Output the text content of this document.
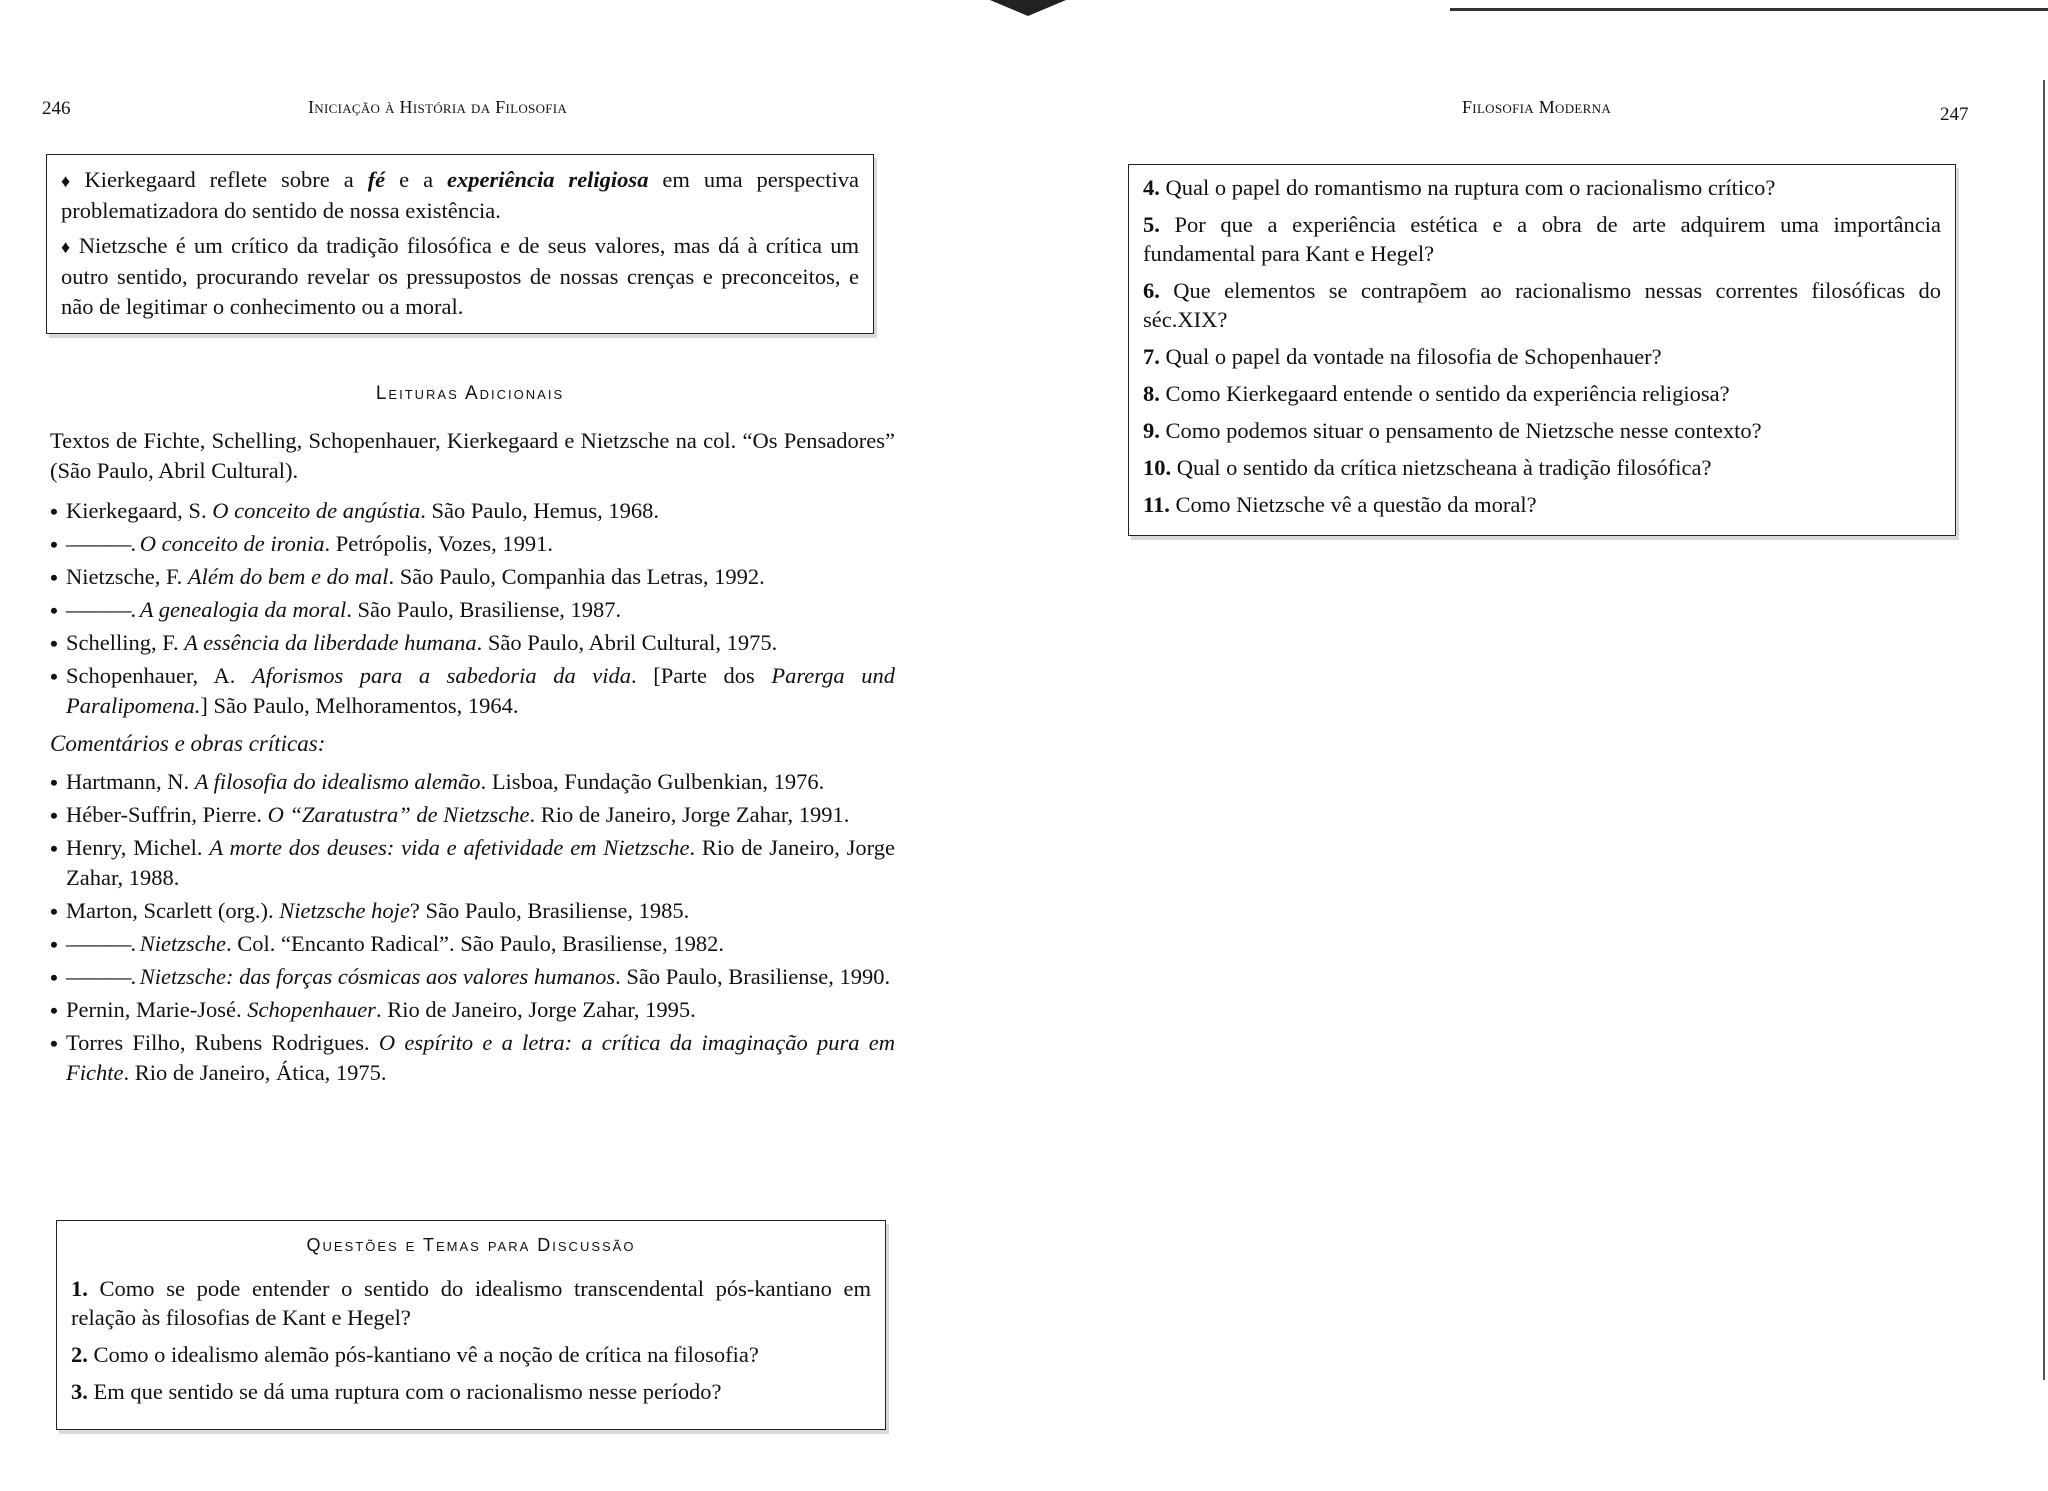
246	Iniciação à História da Filosofia

♦ Kierkegaard reflete sobre a fé e a experiência religiosa em uma perspectiva problematizadora do sentido de nossa existência.

♦ Nietzsche é um crítico da tradição filosófica e de seus valores, mas dá à crítica um outro sentido, procurando revelar os pressupostos de nossas crenças e preconceitos, e não de legitimar o conhecimento ou a moral.

Leituras Adicionais

Textos de Fichte, Schelling, Schopenhauer, Kierkegaard e Nietzsche na col. “Os Pensadores” (São Paulo, Abril Cultural).

• Kierkegaard, S. O conceito de angústia. São Paulo, Hemus, 1968.
• ———. O conceito de ironia. Petrópolis, Vozes, 1991.
• Nietzsche, F. Além do bem e do mal. São Paulo, Companhia das Letras, 1992.
• ———. A genealogia da moral. São Paulo, Brasiliense, 1987.
• Schelling, F. A essência da liberdade humana. São Paulo, Abril Cultural, 1975.
• Schopenhauer, A. Aforismos para a sabedoria da vida. [Parte dos Parerga und Paralipomena.] São Paulo, Melhoramentos, 1964.
Comentários e obras críticas:
• Hartmann, N. A filosofia do idealismo alemão. Lisboa, Fundação Gulbenkian, 1976.
• Héber-Suffrin, Pierre. O “Zaratustra” de Nietzsche. Rio de Janeiro, Jorge Zahar, 1991.
• Henry, Michel. A morte dos deuses: vida e afetividade em Nietzsche. Rio de Janeiro, Jorge Zahar, 1988.
• Marton, Scarlett (org.). Nietzsche hoje? São Paulo, Brasiliense, 1985.
• ———. Nietzsche. Col. “Encanto Radical”. São Paulo, Brasiliense, 1982.
• ———. Nietzsche: das forças cósmicas aos valores humanos. São Paulo, Brasiliense, 1990.
• Pernin, Marie-José. Schopenhauer. Rio de Janeiro, Jorge Zahar, 1995.
• Torres Filho, Rubens Rodrigues. O espírito e a letra: a crítica da imaginação pura em Fichte. Rio de Janeiro, Ática, 1975.
Questões e Temas para Discussão
1. Como se pode entender o sentido do idealismo transcendental pós-kantiano em relação às filosofias de Kant e Hegel?
2. Como o idealismo alemão pós-kantiano vê a noção de crítica na filosofia?
3. Em que sentido se dá uma ruptura com o racionalismo nesse período?
Filosofia Moderna	247
4. Qual o papel do romantismo na ruptura com o racionalismo crítico?
5. Por que a experiência estética e a obra de arte adquirem uma importância fundamental para Kant e Hegel?
6. Que elementos se contrapõem ao racionalismo nessas correntes filosóficas do séc.XIX?
7. Qual o papel da vontade na filosofia de Schopenhauer?
8. Como Kierkegaard entende o sentido da experiência religiosa?
9. Como podemos situar o pensamento de Nietzsche nesse contexto?
10. Qual o sentido da crítica nietzscheana à tradição filosófica?
11. Como Nietzsche vê a questão da moral?
